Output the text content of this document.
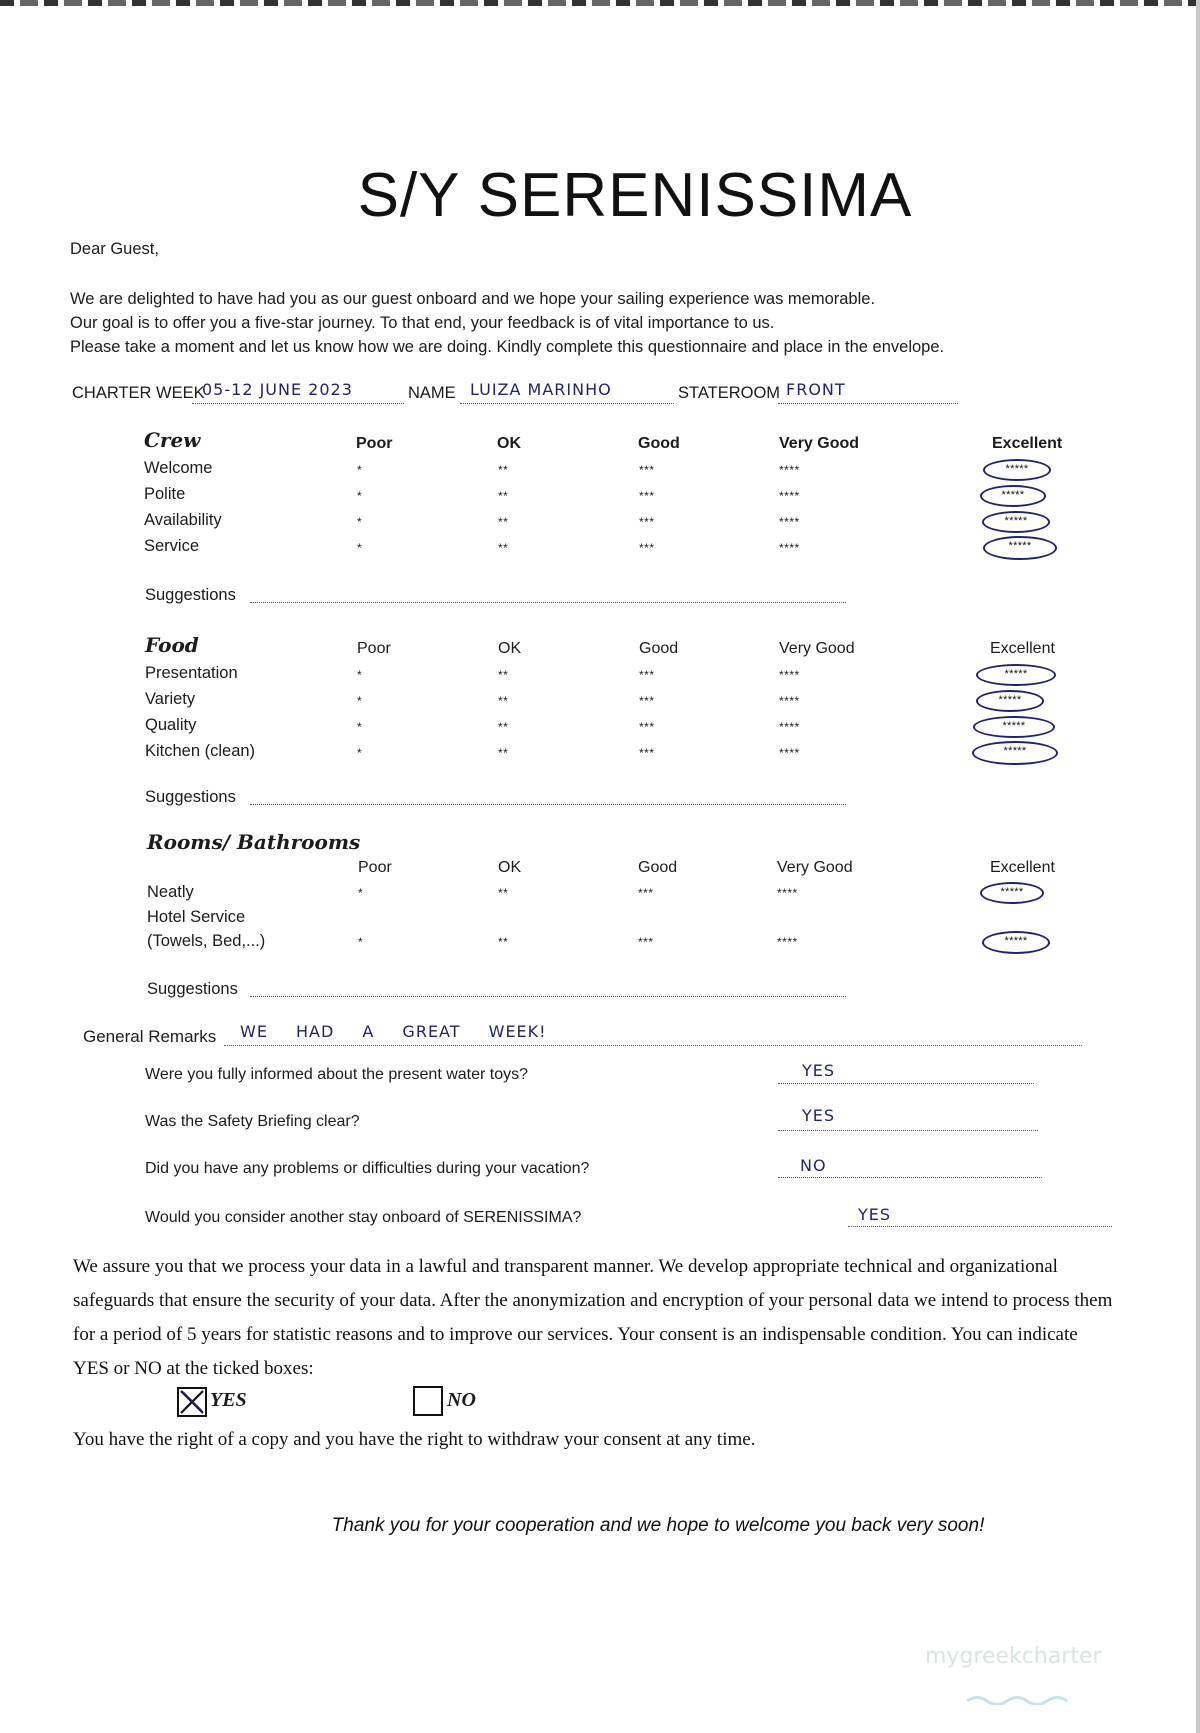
S/Y SERENISSIMA
Dear Guest,
We are delighted to have had you as our guest onboard and we hope your sailing experience was memorable.
Our goal is to offer you a five-star journey. To that end, your feedback is of vital importance to us.
Please take a moment and let us know how we are doing. Kindly complete this questionnaire and place in the envelope.
CHARTER WEEK
05-12 JUNE 2023	NAME LUIZA MARINHO	STATEROOM FRONT
Crew	Poor	OK	Good	Very Good	Excellent
Welcome	*	**	***	****	*****
Polite	*	**	***	****	*****
Availability	*	**	***	****	*****
Service	*	**	***	****	*****
Suggestions
Food	Poor	OK	Good	Very Good	Excellent
Presentation	*	**	***	****	*****
Variety	*	**	***	****	*****
Quality	*	**	***	****	*****
Kitchen (clean)	*	**	***	****	*****
Suggestions
Rooms/ Bathrooms
Poor	OK	Good	Very Good	Excellent
Neatly	*	**	***	****	*****
Hotel Service
(Towels, Bed,...)	*	**	***	****	*****
Suggestions
General Remarks WE HAD A GREAT WEEK!
Were you fully informed about the present water toys?	YES
Was the Safety Briefing clear?	YES
Did you have any problems or difficulties during your vacation?	NO
Would you consider another stay onboard of SERENISSIMA?	YES
We assure you that we process your data in a lawful and transparent manner. We develop appropriate technical and organizational
safeguards that ensure the security of your data. After the anonymization and encryption of your personal data we intend to process them
for a period of 5 years for statistic reasons and to improve our services. Your consent is an indispensable condition. You can indicate
YES or NO at the ticked boxes:
YES	NO
You have the right of a copy and you have the right to withdraw your consent at any time.
Thank you for your cooperation and we hope to welcome you back very soon!
mygreekcharter
